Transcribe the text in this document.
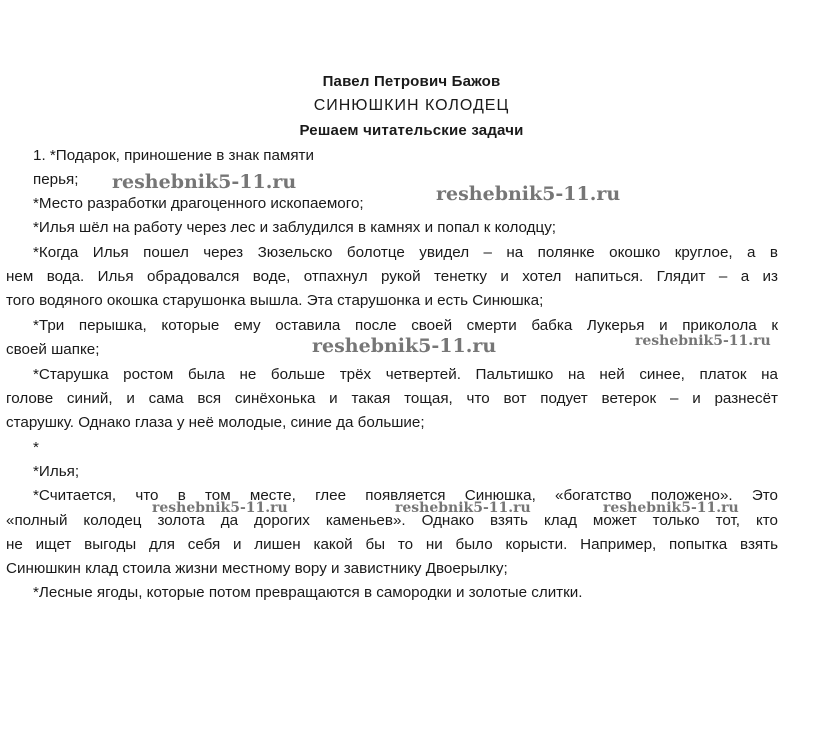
Павел Петрович Бажов
СИНЮШКИН КОЛОДЕЦ
Решаем читательские задачи
1. *Подарок, приношение в знак памяти
перья;
*Место разработки драгоценного ископаемого;
*Илья шёл на работу через лес и заблудился в камнях и попал к колодцу;
*Когда Илья пошел через Зюзельско болотце увидел – на полянке окошко круглое, а в
нем вода. Илья обрадовался воде, отпахнул рукой тенетку и хотел напиться. Глядит – а из
того водяного окошка старушонка вышла. Эта старушонка и есть Синюшка;
*Три перышка, которые ему оставила после своей смерти бабка Лукерья и приколола к
своей шапке;
*Старушка ростом была не больше трёх четвертей. Пальтишко на ней синее, платок на
голове синий, и сама вся синёхонька и такая тощая, что вот подует ветерок – и разнесёт
старушку. Однако глаза у неё молодые, синие да большие;
*
*Илья;
*Считается, что в том месте, глее появляется Синюшка, «богатство положено». Это
«полный колодец золота да дорогих каменьев». Однако взять клад может только тот, кто
не ищет выгоды для себя и лишен какой бы то ни было корысти. Например, попытка взять
Синюшкин клад стоила жизни местному вору и завистнику Двоерылку;
*Лесные ягоды, которые потом превращаются в самородки и золотые слитки.
reshebnik5-11.ru
reshebnik5-11.ru
reshebnik5-11.ru	reshebnik5-11.ru
reshebnik5-11.ru	reshebnik5-11.ru	reshebnik5-11.ru
